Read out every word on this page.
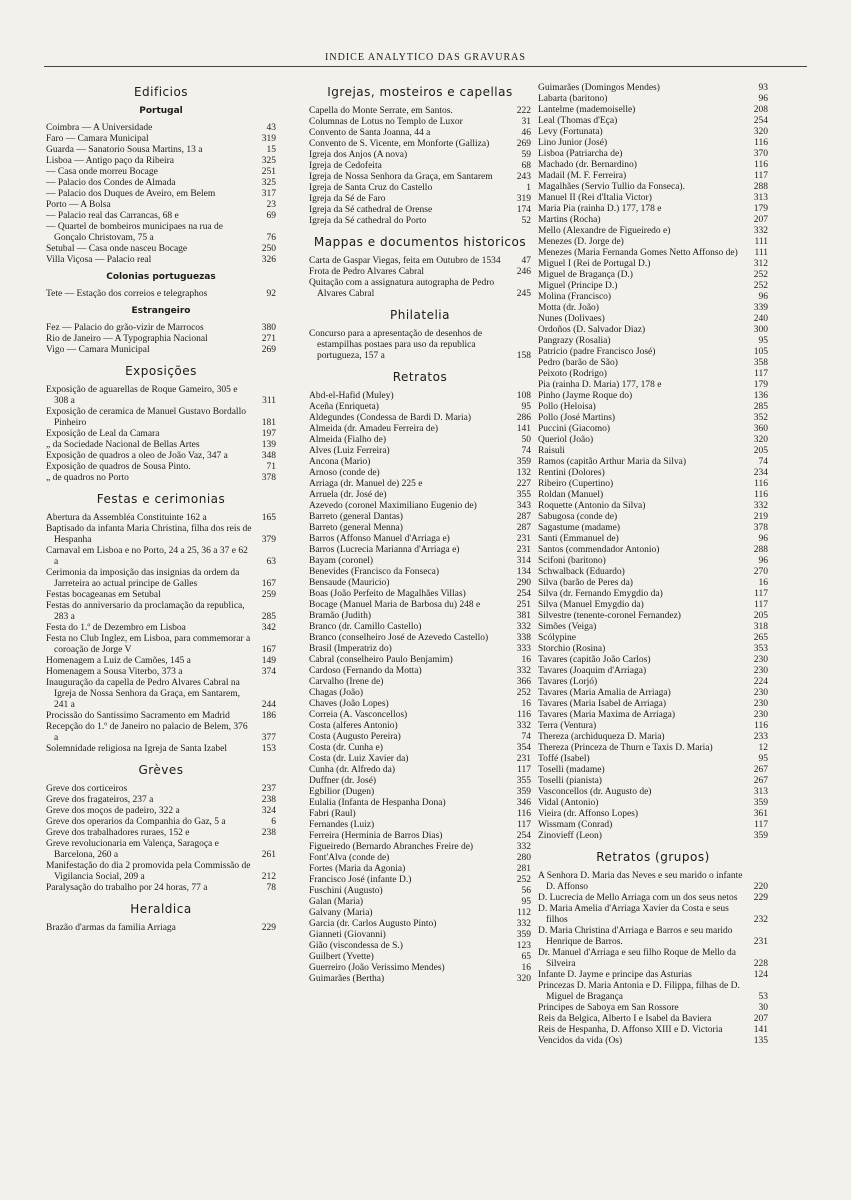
INDICE ANALYTICO DAS GRAVURAS
Edificios
Portugal
Coimbra — A Universidade	43
Faro — Camara Municipal	319
Guarda — Sanatorio Sousa Martins, 13 a	15
Lisboa — Antigo paço da Ribeira	325
— Casa onde morreu Bocage	251
— Palacio dos Condes de Almada	325
— Palacio dos Duques de Aveiro, em Belem	317
Porto — A Bolsa	23
— Palacio real das Carrancas, 68 e	69
— Quartel de bombeiros municipaes na rua de Gonçalo Christovam, 75 a	76
Setubal — Casa onde nasceu Bocage	250
Villa Viçosa — Palacio real	326
Colonias portuguezas
Tete — Estação dos correios e telegraphos	92
Estrangeiro
Fez — Palacio do grão-vizir de Marrocos	380
Rio de Janeiro — A Typographia Nacional	271
Vigo — Camara Municipal	269
Exposições
Exposição de aguarellas de Roque Gameiro, 305 e 308 a	311
Exposição de ceramica de Manuel Gustavo Bordallo Pinheiro	181
Exposição de Leal da Camara	197
„ da Sociedade Nacional de Bellas Artes	139
Exposição de quadros a oleo de João Vaz, 347 a	348
Exposição de quadros de Sousa Pinto.	71
„ de quadros no Porto	378
Festas e cerimonias
Abertura da Assembléa Constituinte 162 a	165
Baptisado da infanta Maria Christina, filha dos reis de Hespanha	379
Carnaval em Lisboa e no Porto, 24 a 25, 36 a 37 e 62 a	63
Cerimonia da imposição das insignias da ordem da Jarreteira ao actual principe de Galles	167
Festas bocageanas em Setubal	259
Festas do anniversario da proclamação da republica, 283 a	285
Festa do 1.º de Dezembro em Lisboa	342
Festa no Club Inglez, em Lisboa, para commemorar a coroação de Jorge V	167
Homenagem a Luiz de Camões, 145 a	149
Homenagem a Sousa Viterbo, 373 a	374
Inauguração da capella de Pedro Alvares Cabral na Igreja de Nossa Senhora da Graça, em Santarem, 241 a	244
Procissão do Santissimo Sacramento em Madrid	186
Recepção do 1.º de Janeiro no palacio de Belem, 376 a	377
Solemnidade religiosa na Igreja de Santa Izabel	153
Grèves
Greve dos corticeiros	237
Greve dos fragateiros, 237 a	238
Greve dos moços de padeiro, 322 a	324
Greve dos operarios da Companhia do Gaz, 5 a	6
Greve dos trabalhadores ruraes, 152 e	238
Greve revolucionaria em Valença, Saragoça e Barcelona, 260 a	261
Manifestação do dia 2 promovida pela Commissão de Vigilancia Social, 209 a	212
Paralysação do trabalho por 24 horas, 77 a	78
Heraldica
Brazão d'armas da familia Arriaga	229
Igrejas, mosteiros e capellas
Capella do Monte Serrate, em Santos.	222
Columnas de Lotus no Templo de Luxor	31
Convento de Santa Joanna, 44 a	46
Convento de S. Vicente, em Monforte (Galliza)	269
Igreja dos Anjos (A nova)	59
Igreja de Cedofeita	68
Igreja de Nossa Senhora da Graça, em Santarem	243
Igreja de Santa Cruz do Castello	1
Igreja da Sé de Faro	319
Igreja da Sé cathedral de Orense	174
Igreja da Sé cathedral do Porto	52
Mappas e documentos historicos
Carta de Gaspar Viegas, feita em Outubro de 1534	47
Frota de Pedro Alvares Cabral	246
Quitação com a assignatura autographa de Pedro Alvares Cabral	245
Philatelia
Concurso para a apresentação de desenhos de estampilhas postaes para uso da republica portugueza, 157 a	158
Retratos
Abd-el-Hafid (Muley)	108
Aceña (Enriqueta)	95
Aldegundes (Condessa de Bardi D. Maria)	286
Almeida (dr. Amadeu Ferreira de)	141
Almeida (Fialho de)	50
Alves (Luiz Ferreira)	74
Ancona (Mario)	359
Arnoso (conde de)	132
Arriaga (dr. Manuel de) 225 e	227
Arruela (dr. José de)	355
Azevedo (coronel Maximiliano Eugenio de)	343
Barreto (general Dantas)	287
Barreto (general Menna)	287
Barros (Affonso Manuel d'Arriaga e)	231
Barros (Lucrecia Marianna d'Arriaga e)	231
Bayam (coronel)	314
Benevides (Francisco da Fonseca)	134
Bensaude (Mauricio)	290
Boas (João Perfeito de Magalhães Villas)	254
Bocage (Manuel Maria de Barbosa du) 248 e	251
Bramão (Judith)	381
Branco (dr. Camillo Castello)	332
Branco (conselheiro José de Azevedo Castello)	338
Brasil (Imperatriz do)	333
Cabral (conselheiro Paulo Benjamim)	16
Cardoso (Fernando da Motta)	332
Carvalho (Irene de)	366
Chagas (João)	252
Chaves (João Lopes)	16
Correia (A. Vasconcellos)	116
Costa (alferes Antonio)	332
Costa (Augusto Pereira)	74
Costa (dr. Cunha e)	354
Costa (dr. Luiz Xavier da)	231
Cunha (dr. Alfredo da)	117
Duffner (dr. José)	355
Egbilior (Dugen)	359
Eulalia (Infanta de Hespanha Dona)	346
Fabri (Raul)	116
Fernandes (Luiz)	117
Ferreira (Herminia de Barros Dias)	254
Figueiredo (Bernardo Abranches Freire de)	332
Font'Alva (conde de)	280
Fortes (Maria da Agonia)	281
Francisco José (infante D.)	252
Fuschini (Augusto)	56
Galan (Maria)	95
Galvany (Maria)	112
Garcia (dr. Carlos Augusto Pinto)	332
Gianneti (Giovanni)	359
Gião (viscondessa de S.)	123
Guilbert (Yvette)	65
Guerreiro (João Verissimo Mendes)	16
Guimarães (Bertha)	320
Guimarães (Domingos Mendes)	93
Labarta (baritono)	96
Lantelme (mademoiselle)	208
Leal (Thomas d'Eça)	254
Levy (Fortunata)	320
Lino Junior (José)	116
Lisboa (Patriarcha de)	370
Machado (dr. Bernardino)	116
Madail (M. F. Ferreira)	117
Magalhães (Servio Tullio da Fonseca).	288
Manuel II (Rei d'Italia Victor)	313
Maria Pia (rainha D.) 177, 178 e	179
Martins (Rocha)	207
Mello (Alexandre de Figueiredo e)	332
Menezes (D. Jorge de)	111
Menezes (Maria Fernanda Gomes Netto Affonso de)	111
Miguel I (Rei de Portugal D.)	312
Miguel de Bragança (D.)	252
Miguel (Principe D.)	252
Molina (Francisco)	96
Motta (dr. João)	339
Nunes (Dolivaes)	240
Ordoños (D. Salvador Diaz)	300
Pangrazy (Rosalia)	95
Patricio (padre Francisco José)	105
Pedro (barão de São)	358
Peixoto (Rodrigo)	117
Pia (rainha D. Maria) 177, 178 e	179
Pinho (Jayme Roque do)	136
Pollo (Heloisa)	285
Pollo (José Martins)	352
Puccini (Giacomo)	360
Queriol (João)	320
Raisuli	205
Ramos (capitão Arthur Maria da Silva)	74
Rentini (Dolores)	234
Ribeiro (Cupertino)	116
Roldan (Manuel)	116
Roquette (Antonio da Silva)	332
Sabugosa (conde de)	219
Sagastume (madame)	378
Santi (Emmanuel de)	96
Santos (commendador Antonio)	288
Scifoni (baritono)	96
Schwalback (Eduardo)	270
Silva (barão de Peres da)	16
Silva (dr. Fernando Emygdio da)	117
Silva (Manuel Emygdio da)	117
Silvestre (tenente-coronel Fernandez)	205
Simões (Veiga)	318
Scólypine	265
Storchio (Rosina)	353
Tavares (capitão João Carlos)	230
Tavares (Joaquim d'Arriaga)	230
Tavares (Lorjó)	224
Tavares (Maria Amalia de Arriaga)	230
Tavares (Maria Isabel de Arriaga)	230
Tavares (Maria Maxima de Arriaga)	230
Terra (Ventura)	116
Thereza (archiduqueza D. Maria)	233
Thereza (Princeza de Thurn e Taxis D. Maria)	12
Toffé (Isabel)	95
Toselli (madame)	267
Toselli (pianista)	267
Vasconcellos (dr. Augusto de)	313
Vidal (Antonio)	359
Vieira (dr. Affonso Lopes)	361
Wissmam (Conrad)	117
Zinovieff (Leon)	359
Retratos (grupos)
A Senhora D. Maria das Neves e seu marido o infante D. Affonso	220
D. Lucrecia de Mello Arriaga com un dos seus netos	229
D. Maria Amelia d'Arriaga Xavier da Costa e seus filhos	232
D. Maria Christina d'Arriaga e Barros e seu marido Henrique de Barros.	231
Dr. Manuel d'Arriaga e seu filho Roque de Mello da Silveira	228
Infante D. Jayme e principe das Asturias	124
Princezas D. Maria Antonia e D. Filippa, filhas de D. Miguel de Bragança	53
Principes de Saboya em San Rossore	30
Reis da Belgica, Alberto I e Isabel da Baviera	207
Reis de Hespanha, D. Affonso XIII e D. Victoria	141
Vencidos da vida (Os)	135
